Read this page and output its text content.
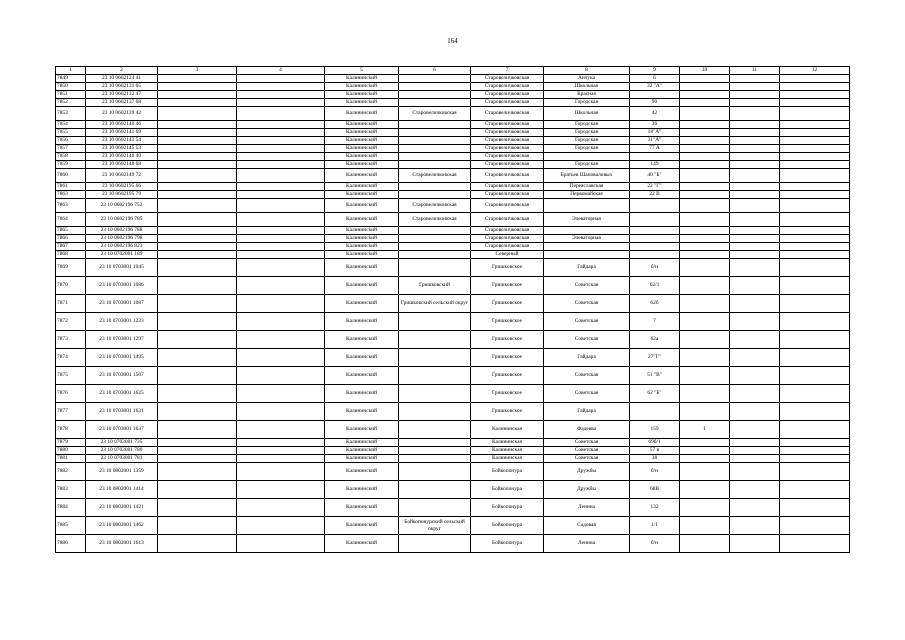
164
1	2	3	4	5	6	7	8	9	10	11	12
7849	23 10 0602124 41			Калининский		Старовеличковская	Анчука	6			
7850	23 10 0602131 65			Калининский		Старовеличковская	Школьная	32 "А"			
7851	23 10 0602132 47			Калининский		Старовеличковская	Красная				
7852	23 10 0602137 68			Калининский		Старовеличковская	Городская	90			
7853	23 10 0602139 42			Калининский	Старовеличковская	Старовеличковская	Школьная	42			
7854	23 10 0602140 46			Калининский		Старовеличковская	Городская	36			
7855	23 10 0602141 69			Калининский		Старовеличковская	Городская	18"А"			
7856	23 10 0602143 54			Калининский		Старовеличковская	Городская	31"А"			
7857	23 10 0602145 53			Калининский		Старовеличковская	Городская	77 А			
7858	23 10 0602146 40			Калининский		Старовеличковская					
7859	23 10 0602148 68			Калининский		Старовеличковская	Городская	149			
7860	23 10 0602149 72			Калининский	Старовеличковская	Старовеличковская	Братьев Шаповаловых	40 "Б"			
7861	23 10 0602195 66			Калининский		Старовеличковская	Переяславская	22 "Г"			
7863	23 10 0602195 79			Калининский		Старовеличковская	Первомайская	22 В			
7863	23 10 0602196 752			Калининский	Старовеличковская	Старовеличковская					
7864	23 10 0602196 785			Калининский	Старовеличковская	Старовеличковская	Элеваторная				
7865	23 10 0602196 788			Калининский		Старовеличковская					
7866	23 10 0602196 798			Калининский		Старовеличковская	Элеваторная				
7867	23 10 0602196 823			Калининский		Старовеличковская					
7868	23 10 0702001 189			Калининский		Северный					
7869	23 10 0703001 1045			Калининский		Гришковское	Гайдара	б/н			
7870	23 10 0703001 1086			Калининский	Гришковский	Гришковское	Советская	62/1			
7871	23 10 0703001 1087			Калининский	Гришковский сельский округ	Гришковское	Советская	62б			
7872	23 10 0703001 1223			Калининский		Гришковское	Советская	7			
7873	23 10 0703001 1297			Калининский		Гришковское	Советская	62а			
7874	23 10 0703001 1495			Калининский		Гришковское	Гайдара	27"Г"			
7875	23 10 0703001 1507			Калининский		Гришковское	Советская	51 "В"			
7876	23 10 0703001 1625			Калининский		Гришковское	Советская	62 "Б"			
7877	23 10 0703001 1631			Калининский		Гришковское	Гайдара				
7878	23 10 0703001 1637			Калининский		Калининская	Фадеева	159	1		
7879	23 10 0703001 735			Калининский		Калининская	Советская	69б/1			
7880	23 10 0703001 780			Калининский		Калининская	Советская	57 в			
7881	23 10 0703001 781			Калининский		Калининская	Советская	38			
7882	23 10 0802001 1359			Калининский		Бойкопонура	Дружбы	б/н			
7883	23 10 0802001 1414			Калининский		Бойкопонура	Дружбы	68В			
7884	23 10 0802001 1421			Калининский		Бойкопонура	Ленина	132			
7885	23 10 0802001 1462			Калининский	Бойкопонурский сельский округ	Бойкопонура	Садовая	1/1			
7886	23 10 0802001 1613			Калининский		Бойкопонура	Ленина	б/н			
